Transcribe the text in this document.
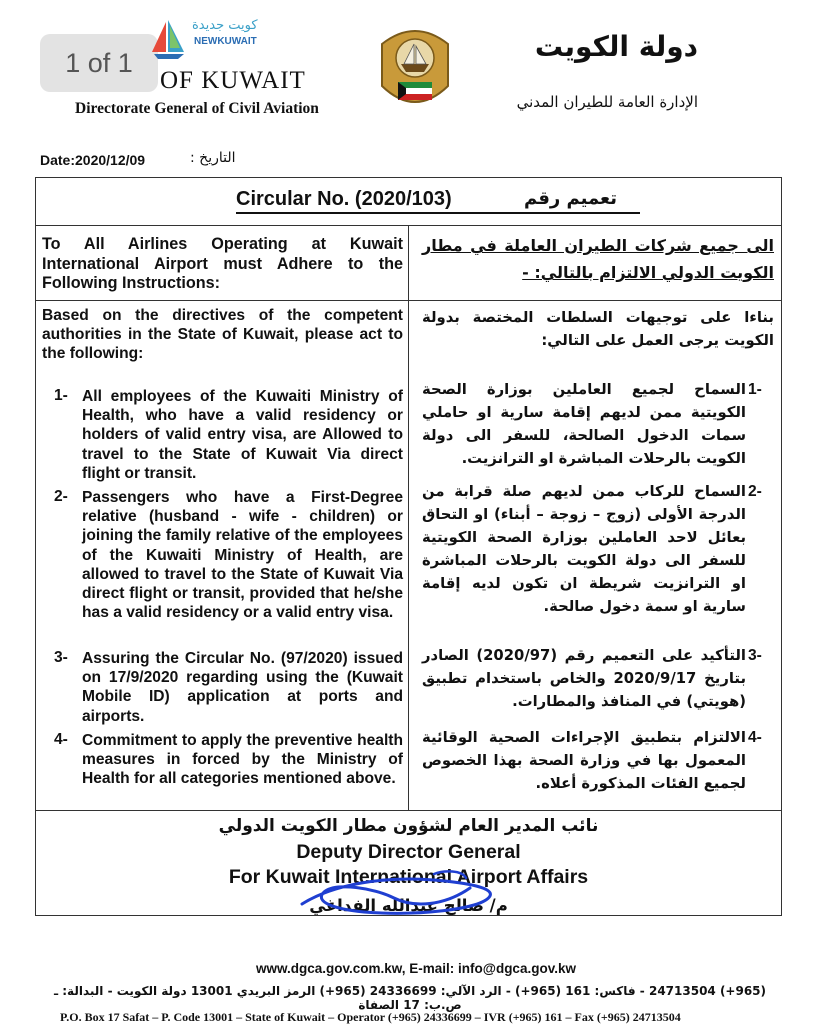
1 of 1
كويت جديدة
NEWKUWAIT
OF KUWAIT
Directorate General of Civil Aviation
دولة الكويت
الإدارة العامة للطيران المدني
Date:2020/12/09	التاريخ :
Circular No. (2020/103)	تعميم رقم
To All Airlines Operating at Kuwait International Airport must Adhere to the Following Instructions:
الى جميع شركات الطيران العاملة في مطار الكويت الدولي الالتزام بالتالي: -
Based on the directives of the competent authorities in the State of Kuwait, please act to the following:
بناءا على توجيهات السلطات المختصة بدولة الكويت يرجى العمل على التالي:
1- All employees of the Kuwaiti Ministry of Health, who have a valid residency or holders of valid entry visa, are Allowed to travel to the State of Kuwait Via direct flight or transit.
1-
السماح لجميع العاملين بوزارة الصحة الكويتية ممن لديهم إقامة سارية او حاملي سمات الدخول الصالحة، للسفر الى دولة الكويت بالرحلات المباشرة او الترانزيت.
2- Passengers who have a First-Degree relative (husband - wife - children) or joining the family relative of the employees of the Kuwaiti Ministry of Health, are allowed to travel to the State of Kuwait Via direct flight or transit, provided that he/she has a valid residency or a valid entry visa.
2-
السماح للركاب ممن لديهم صلة قرابة من الدرجة الأولى (زوج – زوجة – أبناء) او التحاق بعائل لاحد العاملين بوزارة الصحة الكويتية للسفر الى دولة الكويت بالرحلات المباشرة او الترانزيت شريطة ان تكون لديه إقامة سارية او سمة دخول صالحة.
3- Assuring the Circular No. (97/2020) issued on 17/9/2020 regarding using the (Kuwait Mobile ID) application at ports and airports.
3-
التأكيد على التعميم رقم (2020/97) الصادر بتاريخ 2020/9/17 والخاص باستخدام تطبيق (هويتي) في المنافذ والمطارات.
4- Commitment to apply the preventive health measures in forced by the Ministry of Health for all categories mentioned above.
4-
الالتزام بتطبيق الإجراءات الصحية الوقائية المعمول بها في وزارة الصحة بهذا الخصوص لجميع الفئات المذكورة أعلاه.
نائب المدير العام لشؤون مطار الكويت الدولي
Deputy Director General
For Kuwait International Airport Affairs
م/ صالح عبدالله الفداغي
www.dgca.gov.com.kw, E-mail: info@dgca.gov.kw
(965+) 24713504 - فاكس: 161 (965+) - الرد الآلي: 24336699 (965+) الرمز البريدي 13001 دولة الكويت - البدالة: ـ ص.ب: 17 الصفاة
P.O. Box 17 Safat – P. Code 13001 – State of Kuwait – Operator (+965) 24336699 – IVR (+965) 161 – Fax (+965) 24713504
